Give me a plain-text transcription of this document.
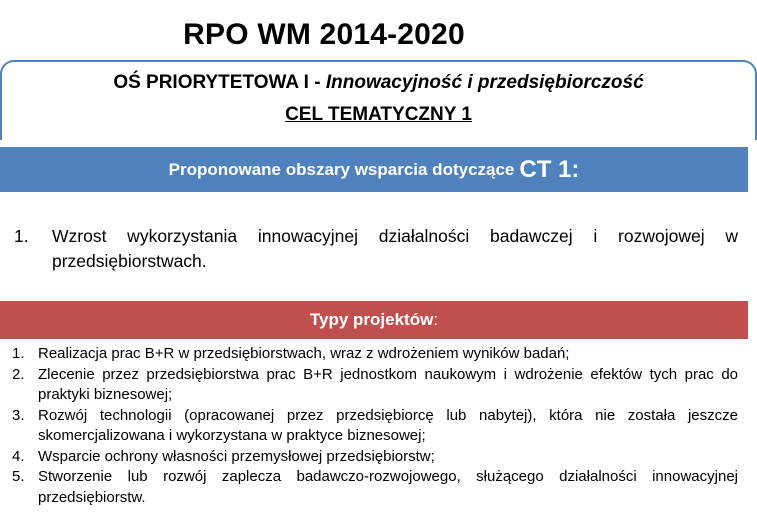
RPO WM 2014-2020
OŚ PRIORYTETOWA I - Innowacyjność i przedsiębiorczość
CEL TEMATYCZNY 1
Proponowane obszary wsparcia dotyczące CT 1:
1.	Wzrost wykorzystania innowacyjnej działalności badawczej i rozwojowej w przedsiębiorstwach.
Typy projektów :
1. Realizacja prac B+R w przedsiębiorstwach, wraz z wdrożeniem wyników badań;
2. Zlecenie przez przedsiębiorstwa prac B+R jednostkom naukowym i wdrożenie efektów tych prac do praktyki biznesowej;
3. Rozwój technologii (opracowanej przez przedsiębiorcę lub nabytej), która nie została jeszcze skomercjalizowana i wykorzystana w praktyce biznesowej;
4. Wsparcie ochrony własności przemysłowej przedsiębiorstw;
5. Stworzenie lub rozwój zaplecza badawczo-rozwojowego, służącego działalności innowacyjnej przedsiębiorstw.
